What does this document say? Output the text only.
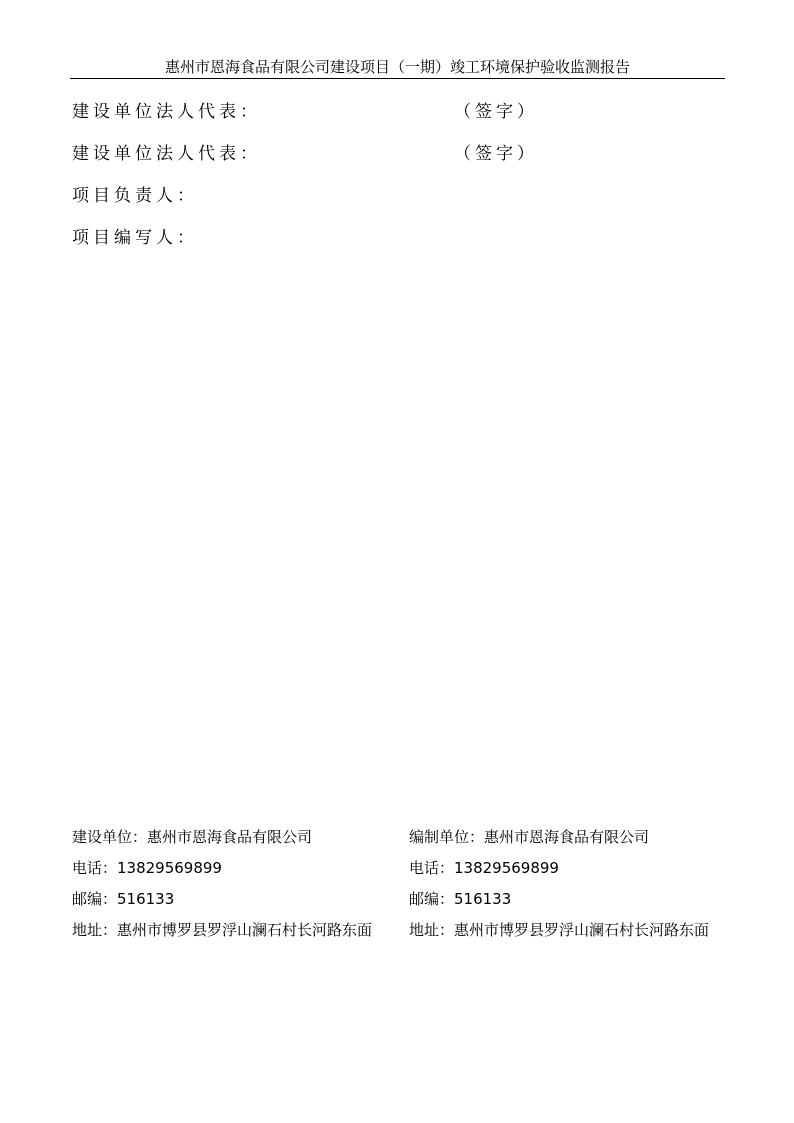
惠州市恩海食品有限公司建设项目（一期）竣工环境保护验收监测报告
建设单位法人代表：	（签字）
建设单位法人代表：	（签字）
项目负责人：
项目编写人：
建设单位：惠州市恩海食品有限公司
电话：13829569899
邮编：516133
地址：惠州市博罗县罗浮山澜石村长河路东面
编制单位：惠州市恩海食品有限公司
电话：13829569899
邮编：516133
地址：惠州市博罗县罗浮山澜石村长河路东面
